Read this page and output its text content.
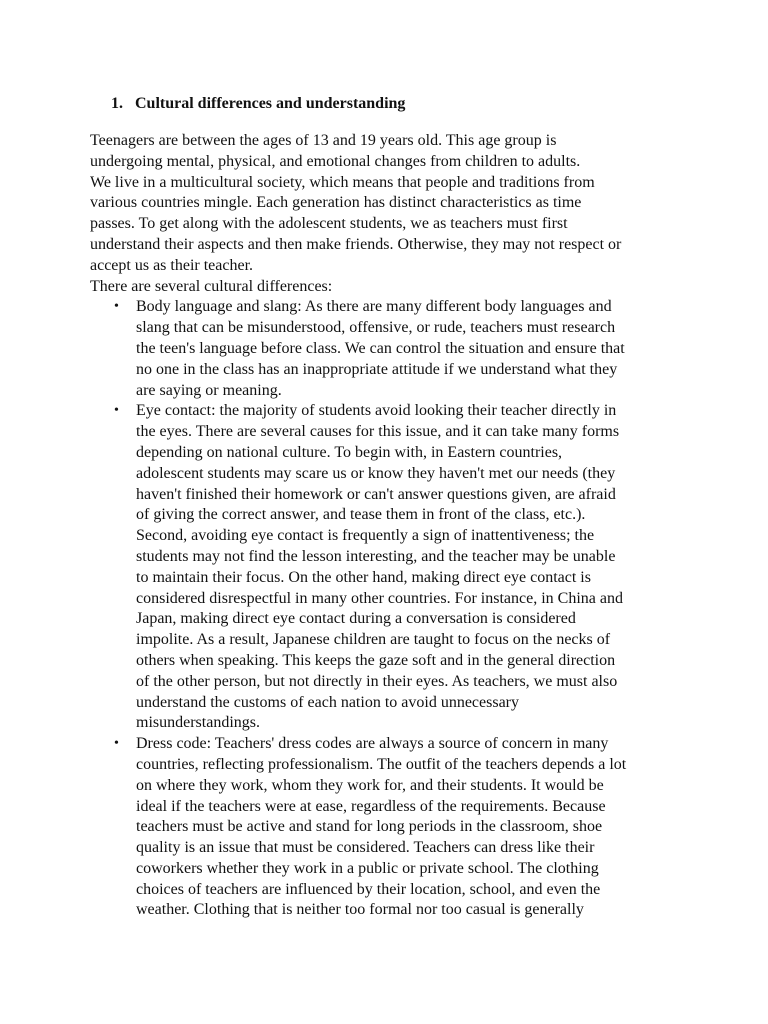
1. Cultural differences and understanding

Teenagers are between the ages of 13 and 19 years old. This age group is
undergoing mental, physical, and emotional changes from children to adults.
We live in a multicultural society, which means that people and traditions from
various countries mingle. Each generation has distinct characteristics as time
passes. To get along with the adolescent students, we as teachers must first
understand their aspects and then make friends. Otherwise, they may not respect or
accept us as their teacher.
There are several cultural differences:

• Body language and slang: As there are many different body languages and
slang that can be misunderstood, offensive, or rude, teachers must research
the teen's language before class. We can control the situation and ensure that
no one in the class has an inappropriate attitude if we understand what they
are saying or meaning.
• Eye contact: the majority of students avoid looking their teacher directly in
the eyes. There are several causes for this issue, and it can take many forms
depending on national culture. To begin with, in Eastern countries,
adolescent students may scare us or know they haven't met our needs (they
haven't finished their homework or can't answer questions given, are afraid
of giving the correct answer, and tease them in front of the class, etc.).
Second, avoiding eye contact is frequently a sign of inattentiveness; the
students may not find the lesson interesting, and the teacher may be unable
to maintain their focus. On the other hand, making direct eye contact is
considered disrespectful in many other countries. For instance, in China and
Japan, making direct eye contact during a conversation is considered
impolite. As a result, Japanese children are taught to focus on the necks of
others when speaking. This keeps the gaze soft and in the general direction
of the other person, but not directly in their eyes. As teachers, we must also
understand the customs of each nation to avoid unnecessary
misunderstandings.
• Dress code: Teachers' dress codes are always a source of concern in many
countries, reflecting professionalism. The outfit of the teachers depends a lot
on where they work, whom they work for, and their students. It would be
ideal if the teachers were at ease, regardless of the requirements. Because
teachers must be active and stand for long periods in the classroom, shoe
quality is an issue that must be considered. Teachers can dress like their
coworkers whether they work in a public or private school. The clothing
choices of teachers are influenced by their location, school, and even the
weather. Clothing that is neither too formal nor too casual is generally
